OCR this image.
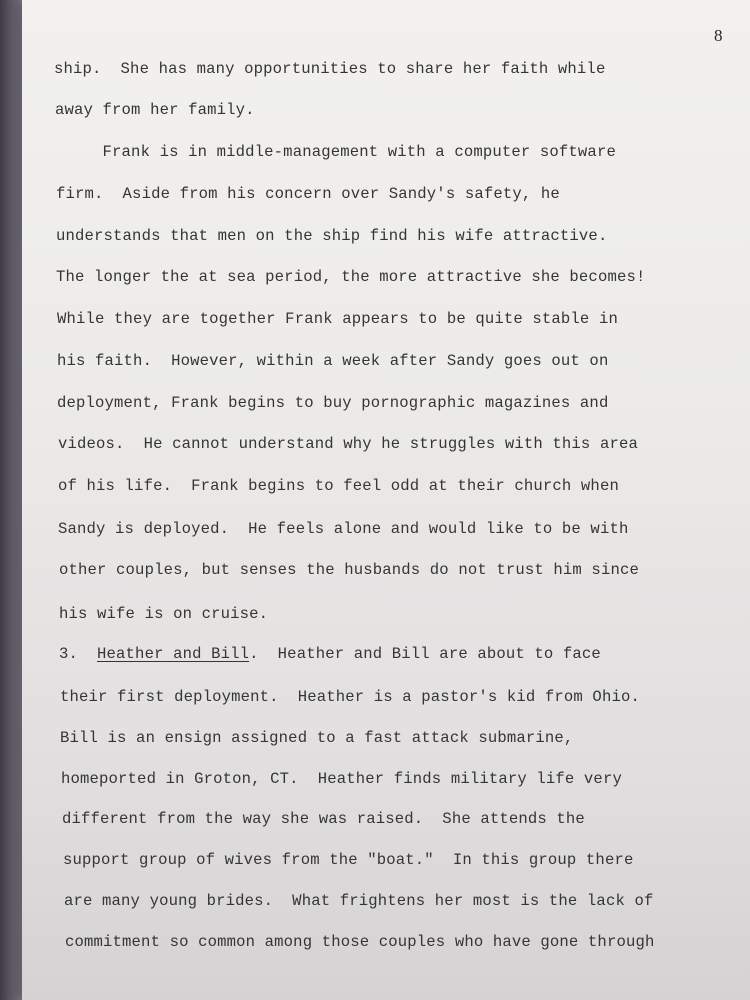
8
ship.  She has many opportunities to share her faith while
away from her family.
Frank is in middle-management with a computer software
firm.  Aside from his concern over Sandy's safety, he
understands that men on the ship find his wife attractive.
The longer the at sea period, the more attractive she becomes!
While they are together Frank appears to be quite stable in
his faith.  However, within a week after Sandy goes out on
deployment, Frank begins to buy pornographic magazines and
videos.  He cannot understand why he struggles with this area
of his life.  Frank begins to feel odd at their church when
Sandy is deployed.  He feels alone and would like to be with
other couples, but senses the husbands do not trust him since
his wife is on cruise.
3.  Heather and Bill.  Heather and Bill are about to face
their first deployment.  Heather is a pastor's kid from Ohio.
Bill is an ensign assigned to a fast attack submarine,
homeported in Groton, CT.  Heather finds military life very
different from the way she was raised.  She attends the
support group of wives from the "boat."  In this group there
are many young brides.  What frightens her most is the lack of
commitment so common among those couples who have gone through
